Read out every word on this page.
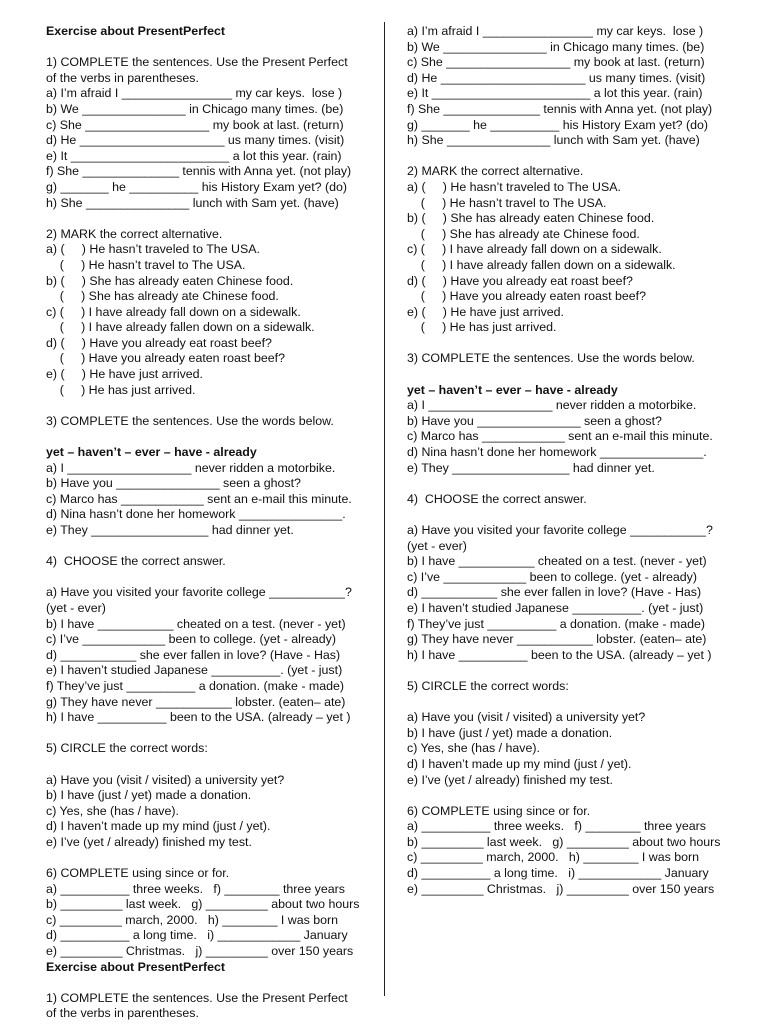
Exercise about PresentPerfect
1) COMPLETE the sentences. Use the Present Perfect
of the verbs in parentheses.
a) I’m afraid I ________________ my car keys.  lose )
b) We _______________ in Chicago many times. (be)
c) She __________________ my book at last. (return)
d) He _____________________ us many times. (visit)
e) It _______________________ a lot this year. (rain)
f) She ______________ tennis with Anna yet. (not play)
g) _______ he __________ his History Exam yet? (do)
h) She _______________ lunch with Sam yet. (have)
2) MARK the correct alternative.
a) (     ) He hasn’t traveled to The USA.
(     ) He hasn’t travel to The USA.
b) (     ) She has already eaten Chinese food.
(     ) She has already ate Chinese food.
c) (     ) I have already fall down on a sidewalk.
(     ) I have already fallen down on a sidewalk.
d) (     ) Have you already eat roast beef?
(     ) Have you already eaten roast beef?
e) (     ) He have just arrived.
(     ) He has just arrived.
3) COMPLETE the sentences. Use the words below.
yet – haven’t – ever – have - already
a) I __________________ never ridden a motorbike.
b) Have you _______________ seen a ghost?
c) Marco has ____________ sent an e-mail this minute.
d) Nina hasn’t done her homework _______________.
e) They _________________ had dinner yet.
4)  CHOOSE the correct answer.
a) Have you visited your favorite college ___________?
(yet - ever)
b) I have ___________ cheated on a test. (never - yet)
c) I’ve ____________ been to college. (yet - already)
d) ___________ she ever fallen in love? (Have - Has)
e) I haven’t studied Japanese __________. (yet - just)
f) They’ve just __________ a donation. (make - made)
g) They have never ___________ lobster. (eaten– ate)
h) I have __________ been to the USA. (already – yet )
5) CIRCLE the correct words:
a) Have you (visit / visited) a university yet?
b) I have (just / yet) made a donation.
c) Yes, she (has / have).
d) I haven’t made up my mind (just / yet).
e) I’ve (yet / already) finished my test.
6) COMPLETE using since or for.
a) __________ three weeks.   f) ________ three years
b) _________ last week.   g) _________ about two hours
c) _________ march, 2000.   h) ________ I was born
d) __________ a long time.   i) ____________ January
e) _________ Christmas.   j) _________ over 150 years
Exercise about PresentPerfect
1) COMPLETE the sentences. Use the Present Perfect
of the verbs in parentheses.
a) I’m afraid I ________________ my car keys.  lose )
b) We _______________ in Chicago many times. (be)
c) She __________________ my book at last. (return)
d) He _____________________ us many times. (visit)
e) It _______________________ a lot this year. (rain)
f) She ______________ tennis with Anna yet. (not play)
g) _______ he __________ his History Exam yet? (do)
h) She _______________ lunch with Sam yet. (have)
2) MARK the correct alternative.
a) (     ) He hasn’t traveled to The USA.
(     ) He hasn’t travel to The USA.
b) (     ) She has already eaten Chinese food.
(     ) She has already ate Chinese food.
c) (     ) I have already fall down on a sidewalk.
(     ) I have already fallen down on a sidewalk.
d) (     ) Have you already eat roast beef?
(     ) Have you already eaten roast beef?
e) (     ) He have just arrived.
(     ) He has just arrived.
3) COMPLETE the sentences. Use the words below.
yet – haven’t – ever – have - already
a) I __________________ never ridden a motorbike.
b) Have you _______________ seen a ghost?
c) Marco has ____________ sent an e-mail this minute.
d) Nina hasn’t done her homework _______________.
e) They _________________ had dinner yet.
4)  CHOOSE the correct answer.
a) Have you visited your favorite college ___________?
(yet - ever)
b) I have ___________ cheated on a test. (never - yet)
c) I’ve ____________ been to college. (yet - already)
d) ___________ she ever fallen in love? (Have - Has)
e) I haven’t studied Japanese __________. (yet - just)
f) They’ve just __________ a donation. (make - made)
g) They have never ___________ lobster. (eaten– ate)
h) I have __________ been to the USA. (already – yet )
5) CIRCLE the correct words:
a) Have you (visit / visited) a university yet?
b) I have (just / yet) made a donation.
c) Yes, she (has / have).
d) I haven’t made up my mind (just / yet).
e) I’ve (yet / already) finished my test.
6) COMPLETE using since or for.
a) __________ three weeks.   f) ________ three years
b) _________ last week.   g) _________ about two hours
c) _________ march, 2000.   h) ________ I was born
d) __________ a long time.   i) ____________ January
e) _________ Christmas.   j) _________ over 150 years
